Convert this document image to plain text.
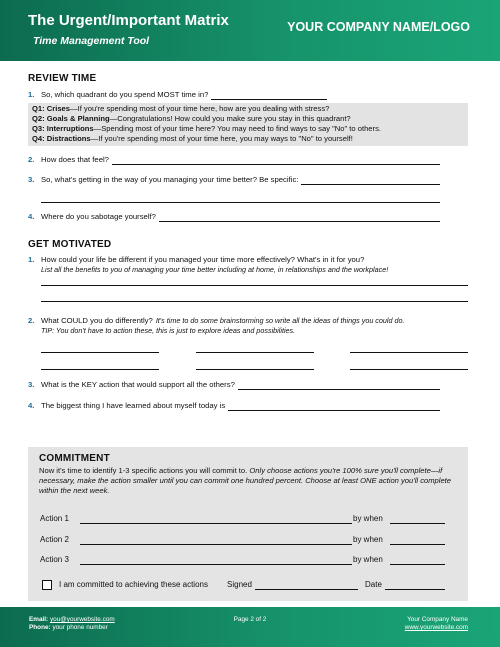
The Urgent/Important Matrix
Time Management Tool
YOUR COMPANY NAME/LOGO
REVIEW TIME
1. So, which quadrant do you spend MOST time in?
Q1: Crises—If you're spending most of your time here, how are you dealing with stress?
Q2: Goals & Planning—Congratulations! How could you make sure you stay in this quadrant?
Q3: Interruptions—Spending most of your time here? You may need to find ways to say "No" to others.
Q4: Distractions—If you're spending most of your time here, you may ways to "No" to yourself!
2. How does that feel?
3. So, what's getting in the way of you managing your time better? Be specific:
4. Where do you sabotage yourself?
GET MOTIVATED
1. How could your life be different if you managed your time more effectively? What's in it for you?
List all the benefits to you of managing your time better including at home, in relationships and the workplace!
2. What COULD you do differently? It's time to do some brainstorming so write all the ideas of things you could do.
TIP: You don't have to action these, this is just to explore ideas and possibilities.
3. What is the KEY action that would support all the others?
4. The biggest thing I have learned about myself today is
COMMITMENT
Now it's time to identify 1-3 specific actions you will commit to. Only choose actions you're 100% sure you'll complete—if necessary, make the action smaller until you can commit one hundred percent. Choose at least ONE action you'll complete within the next week.
Action 1	by when
Action 2	by when
Action 3	by when
I am committed to achieving these actions Signed	Date
Email: you@yourwebsite.com
Phone: your phone number
Page 2 of 2	Your Company Name
www.yourwebsite.com
